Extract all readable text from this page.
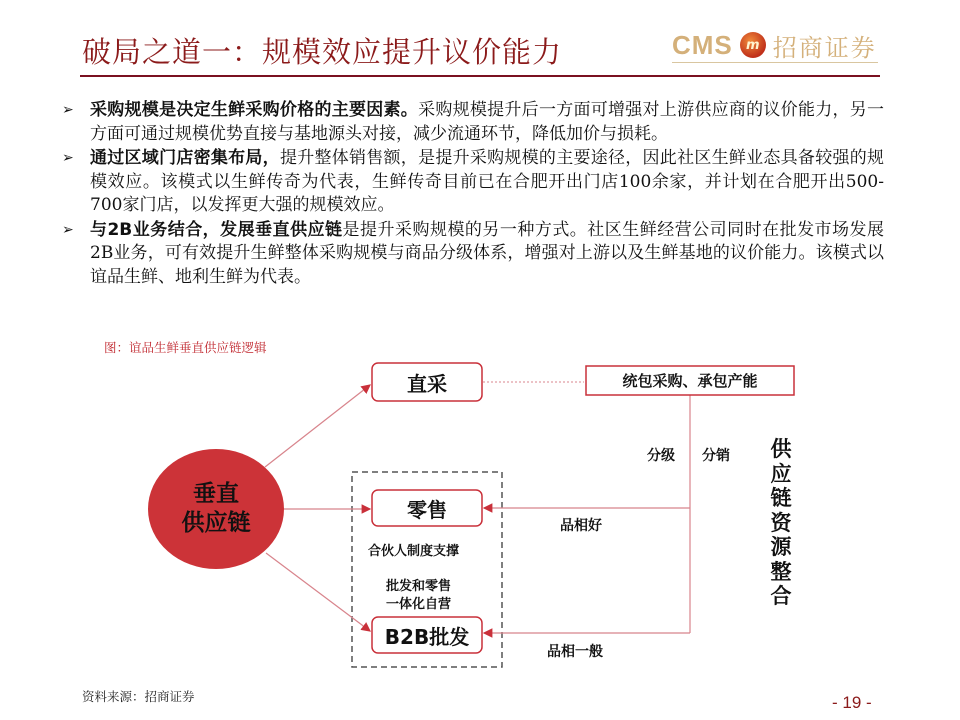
破局之道一：规模效应提升议价能力	CMS	m 招商证券
➢ 采购规模是决定生鲜采购价格的主要因素。采购规模提升后一方面可增强对上游供应商的议价能力，另一方面可通过规模优势直接与基地源头对接，减少流通环节，降低加价与损耗。
➢ 通过区域门店密集布局，提升整体销售额，是提升采购规模的主要途径，因此社区生鲜业态具备较强的规模效应。该模式以生鲜传奇为代表，生鲜传奇目前已在合肥开出门店100余家，并计划在合肥开出500-700家门店，以发挥更大强的规模效应。
➢ 与2B业务结合，发展垂直供应链是提升采购规模的另一种方式。社区生鲜经营公司同时在批发市场发展2B业务，可有效提升生鲜整体采购规模与商品分级体系，增强对上游以及生鲜基地的议价能力。该模式以谊品生鲜、地利生鲜为代表。
图：谊品生鲜垂直供应链逻辑
垂直
供应链
直采
零售
B2B批发
统包采购、承包产能
分级 分销
品相好
品相一般
合伙人制度支撑
批发和零售
一体化自营
供应链资源整合
资料来源：招商证券	- 19 -
